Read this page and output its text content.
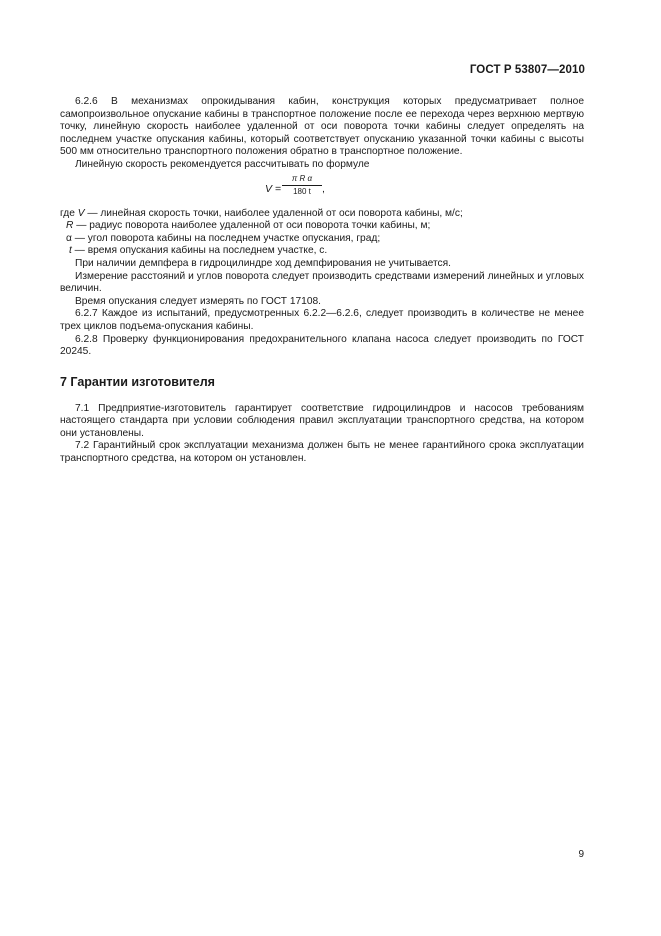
ГОСТ Р 53807—2010

6.2.6 В механизмах опрокидывания кабин, конструкция которых предусматривает полное самопроизвольное опускание кабины в транспортное положение после ее перехода через верхнюю мертвую точку, линейную скорость наиболее удаленной от оси поворота точки кабины следует определять на последнем участке опускания кабины, который соответствует опусканию указанной точки кабины с высоты 500 мм относительно транспортного положения обратно в транспортное положение.

Линейную скорость рекомендуется рассчитывать по формуле

V =
π R α
180 t	,

где V — линейная скорость точки, наиболее удаленной от оси поворота кабины, м/с;

R — радиус поворота наиболее удаленной от оси поворота точки кабины, м;

α — угол поворота кабины на последнем участке опускания, град;

t — время опускания кабины на последнем участке, с.

При наличии демпфера в гидроцилиндре ход демпфирования не учитывается.

Измерение расстояний и углов поворота следует производить средствами измерений линейных и угловых величин.

Время опускания следует измерять по ГОСТ 17108.

6.2.7 Каждое из испытаний, предусмотренных 6.2.2—6.2.6, следует производить в количестве не менее трех циклов подъема-опускания кабины.

6.2.8 Проверку функционирования предохранительного клапана насоса следует производить по ГОСТ 20245.

7 Гарантии изготовителя

7.1 Предприятие-изготовитель гарантирует соответствие гидроцилиндров и насосов требованиям настоящего стандарта при условии соблюдения правил эксплуатации транспортного средства, на котором они установлены.

7.2 Гарантийный срок эксплуатации механизма должен быть не менее гарантийного срока эксплуатации транспортного средства, на котором он установлен.

9
